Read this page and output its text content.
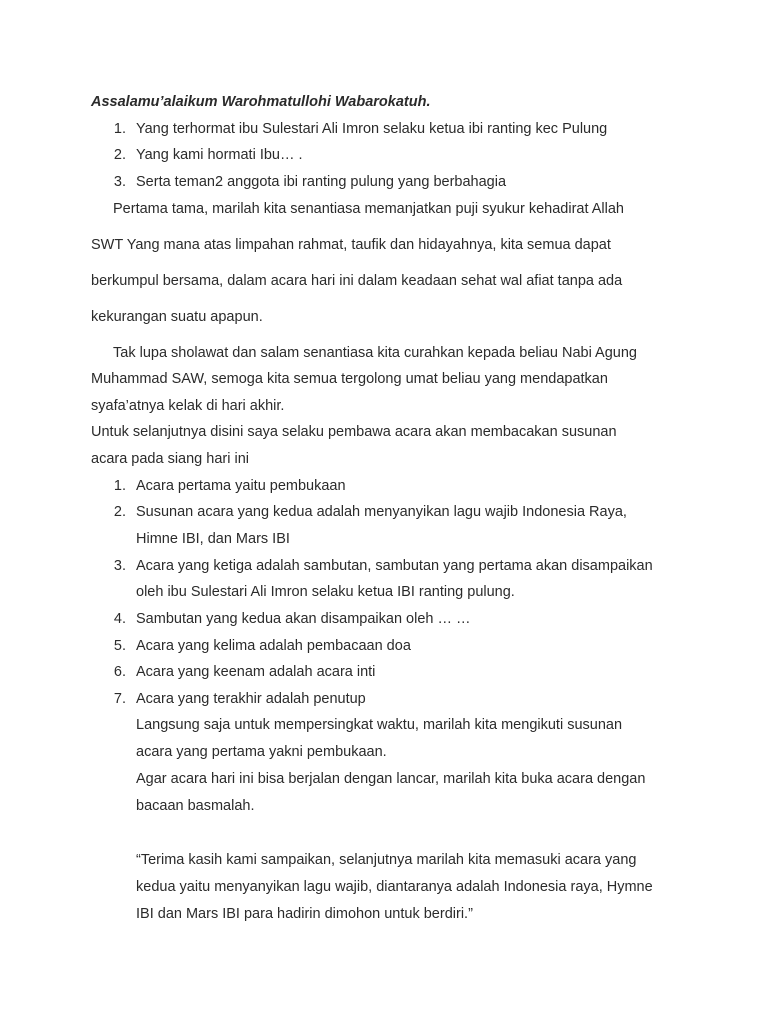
Assalamu’alaikum Warohmatullohi Wabarokatuh.
1. Yang terhormat ibu Sulestari Ali Imron selaku ketua ibi ranting kec Pulung
2. Yang kami hormati Ibu… .
3. Serta teman2 anggota ibi ranting pulung yang berbahagia
Pertama tama, marilah kita senantiasa memanjatkan puji syukur kehadirat Allah
SWT Yang mana atas limpahan rahmat, taufik dan hidayahnya, kita semua dapat
berkumpul bersama, dalam acara hari ini dalam keadaan sehat wal afiat tanpa ada
kekurangan suatu apapun.
Tak lupa sholawat dan salam senantiasa kita curahkan kepada beliau Nabi Agung
Muhammad SAW, semoga kita semua tergolong umat beliau yang mendapatkan
syafa’atnya kelak di hari akhir.
Untuk selanjutnya disini saya selaku pembawa acara akan membacakan susunan
acara pada siang hari ini
1. Acara pertama yaitu pembukaan
2. Susunan acara yang kedua adalah menyanyikan lagu wajib Indonesia Raya,
Himne IBI, dan Mars IBI
3. Acara yang ketiga adalah sambutan, sambutan yang pertama akan disampaikan
oleh ibu Sulestari Ali Imron selaku ketua IBI ranting pulung.
4. Sambutan yang kedua akan disampaikan oleh … …
5. Acara yang kelima adalah pembacaan doa
6. Acara yang keenam adalah acara inti
7. Acara yang terakhir adalah penutup
Langsung saja untuk mempersingkat waktu, marilah kita mengikuti susunan
acara yang pertama yakni pembukaan.
Agar acara hari ini bisa berjalan dengan lancar, marilah kita buka acara dengan
bacaan basmalah.
“Terima kasih kami sampaikan, selanjutnya marilah kita memasuki acara yang
kedua yaitu menyanyikan lagu wajib, diantaranya adalah Indonesia raya, Hymne
IBI dan Mars IBI para hadirin dimohon untuk berdiri.”
